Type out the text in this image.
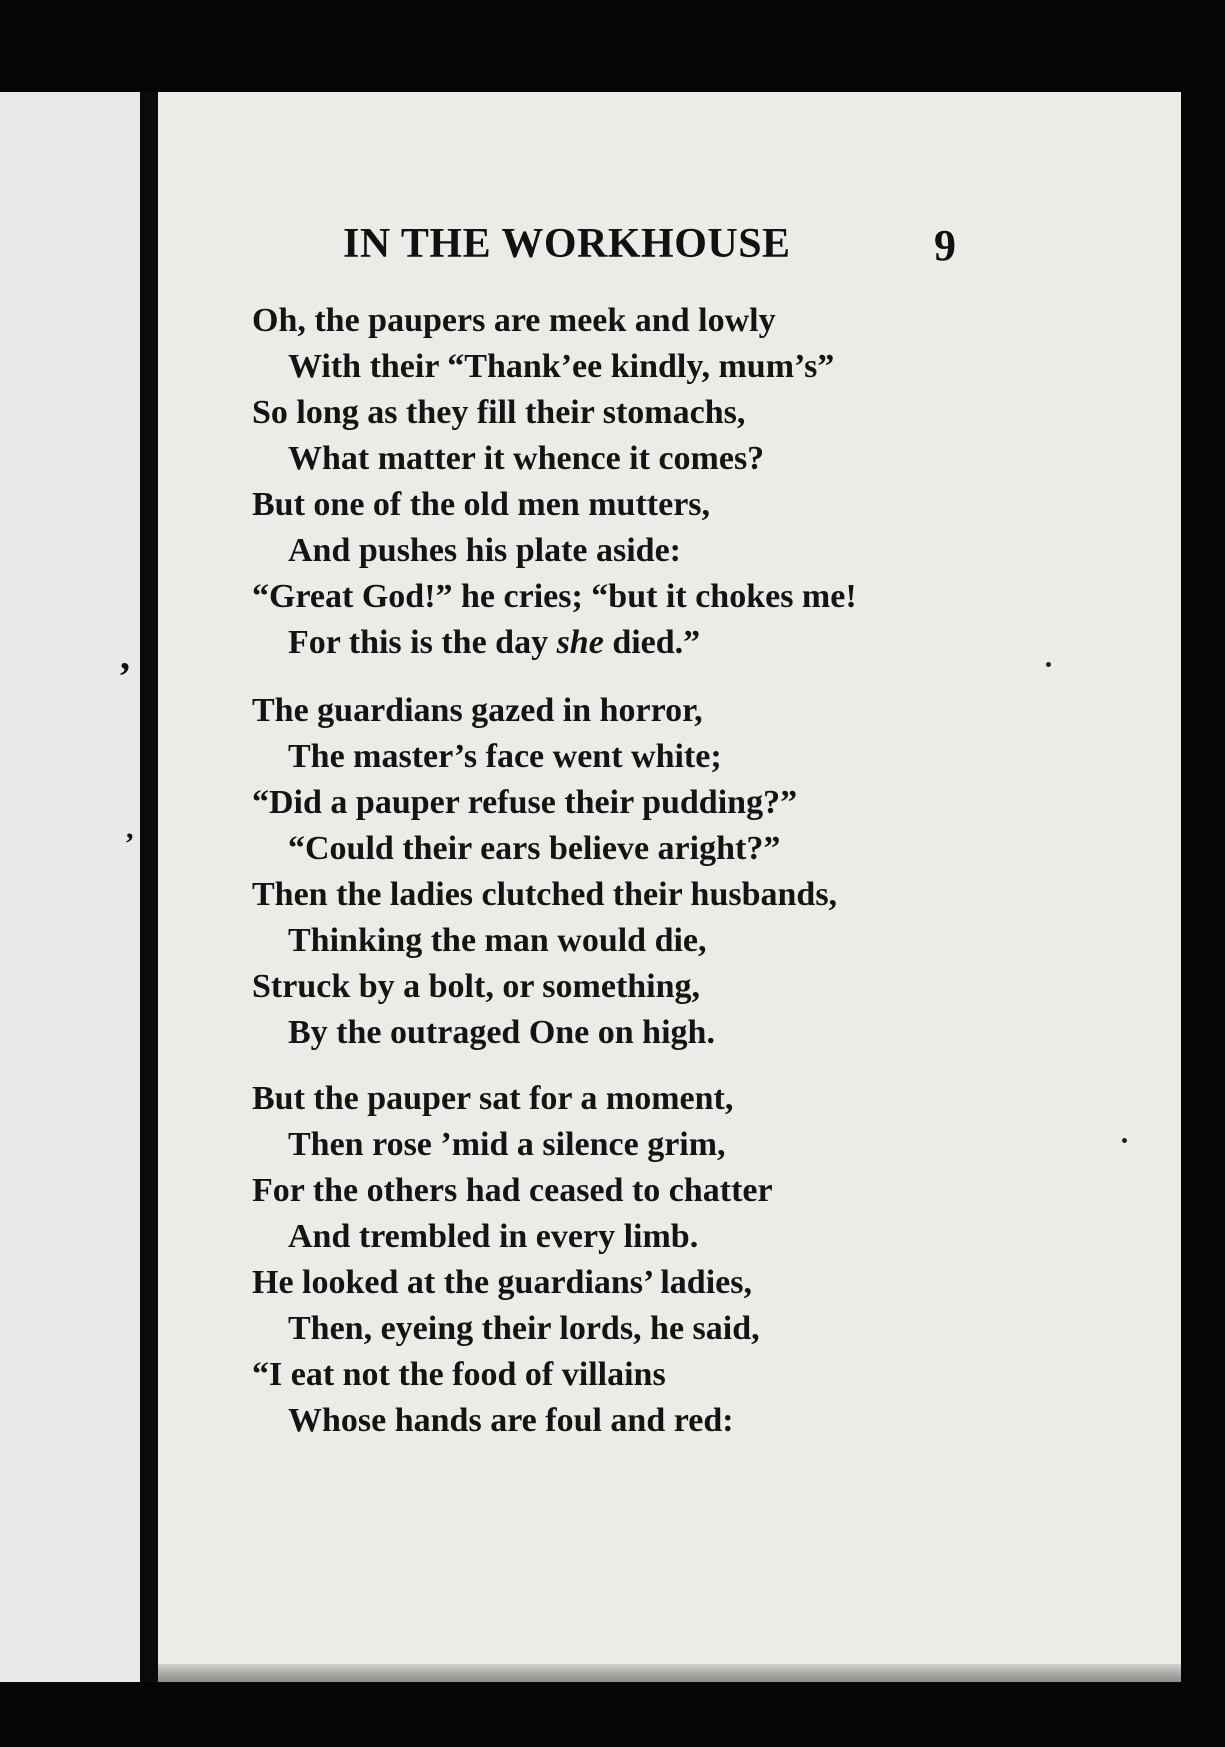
,
,
IN THE WORKHOUSE	9
Oh, the paupers are meek and lowly
With their “Thank’ee kindly, mum’s”
So long as they fill their stomachs,
What matter it whence it comes?
But one of the old men mutters,
And pushes his plate aside:
“Great God!” he cries; “but it chokes me!
For this is the day she died.”
The guardians gazed in horror,
The master’s face went white;
“Did a pauper refuse their pudding?”
“Could their ears believe aright?”
Then the ladies clutched their husbands,
Thinking the man would die,
Struck by a bolt, or something,
By the outraged One on high.
But the pauper sat for a moment,
Then rose ’mid a silence grim,
For the others had ceased to chatter
And trembled in every limb.
He looked at the guardians’ ladies,
Then, eyeing their lords, he said,
“I eat not the food of villains
Whose hands are foul and red:
